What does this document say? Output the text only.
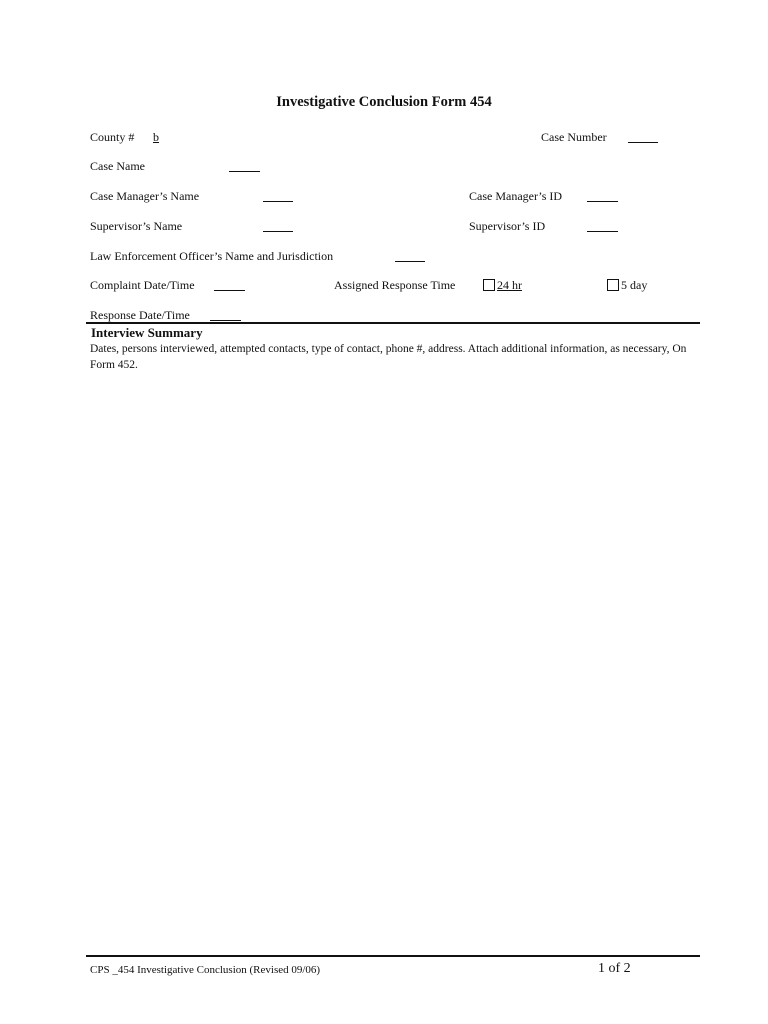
Investigative Conclusion Form 454
County # b	Case Number
Case Name
Case Manager’s Name	Case Manager’s ID
Supervisor’s Name	Supervisor’s ID
Law Enforcement Officer’s Name and Jurisdiction
Complaint Date/Time	Assigned Response Time	24 hr	5 day
Response Date/Time
Interview Summary
Dates, persons interviewed, attempted contacts, type of contact, phone #, address. Attach additional information, as necessary, On Form 452.
CPS _454 Investigative Conclusion (Revised 09/06)	1 of 2
